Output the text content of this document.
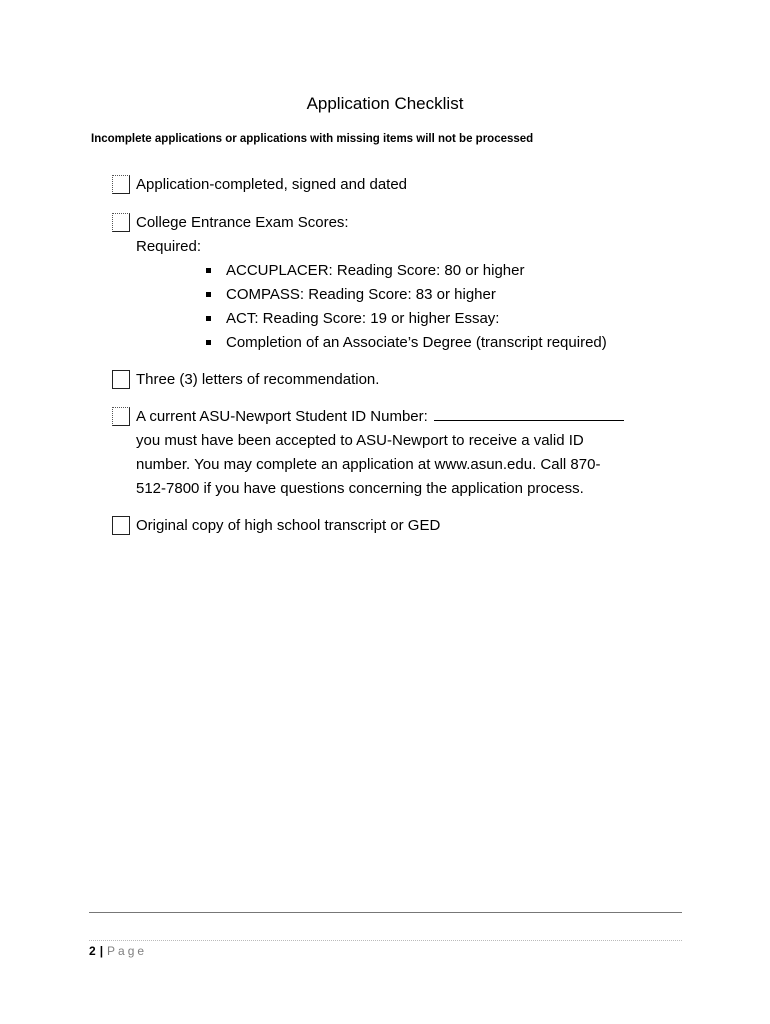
Application Checklist
Incomplete applications or applications with missing items will not be processed
Application-completed, signed and dated
College Entrance Exam Scores:
Required:
ACCUPLACER: Reading Score: 80 or higher
COMPASS: Reading Score: 83 or higher
ACT: Reading Score: 19 or higher Essay:
Completion of an Associate’s Degree (transcript required)
Three (3) letters of recommendation.
A current ASU-Newport Student ID Number:
you must have been accepted to ASU-Newport to receive a valid ID
number. You may complete an application at www.asun.edu. Call 870-
512-7800 if you have questions concerning the application process.
Original copy of high school transcript or GED
2 | Page
